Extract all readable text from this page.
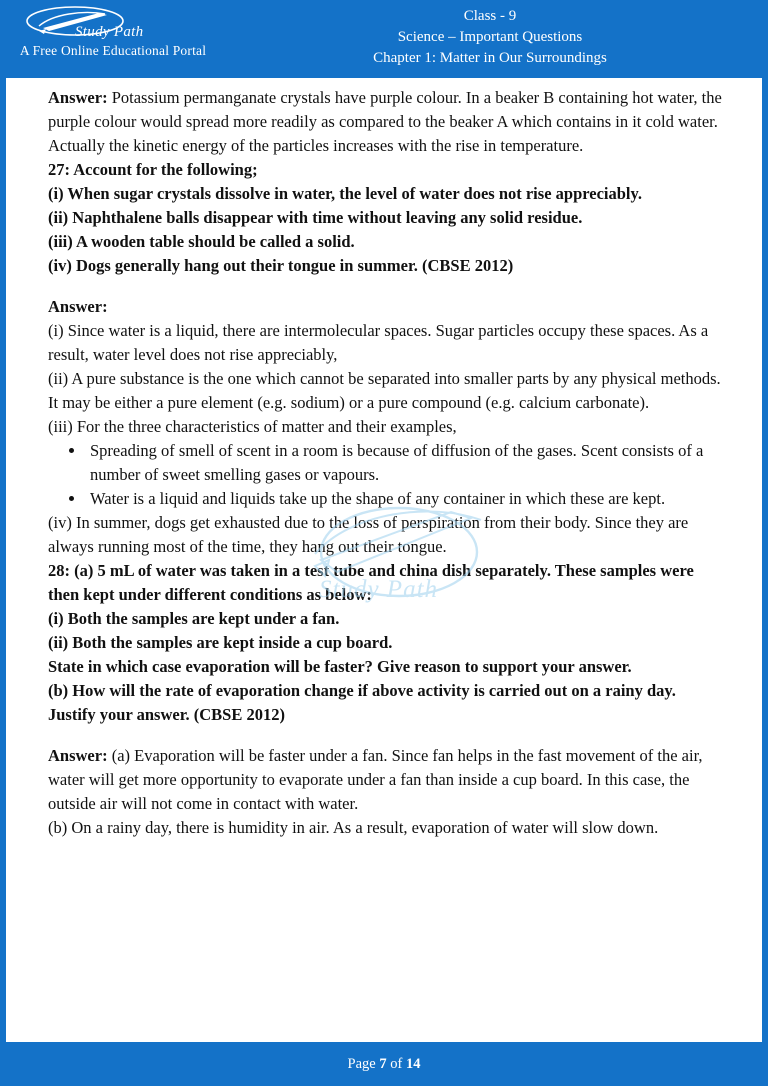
Study Path
A Free Online Educational Portal
Class - 9
Science – Important Questions
Chapter 1: Matter in Our Surroundings

Answer: Potassium permanganate crystals have purple colour. In a beaker B containing hot water, the purple colour would spread more readily as compared to the beaker A which contains in it cold water. Actually the kinetic energy of the particles increases with the rise in temperature.

27: Account for the following;

(i) When sugar crystals dissolve in water, the level of water does not rise appreciably.

(ii) Naphthalene balls disappear with time without leaving any solid residue.

(iii) A wooden table should be called a solid.

(iv) Dogs generally hang out their tongue in summer. (CBSE 2012)

Answer:

(i) Since water is a liquid, there are intermolecular spaces. Sugar particles occupy these spaces. As a result, water level does not rise appreciably,

(ii) A pure substance is the one which cannot be separated into smaller parts by any physical methods. It may be either a pure element (e.g. sodium) or a pure compound (e.g. calcium carbonate).

(iii) For the three characteristics of matter and their examples,

• Spreading of smell of scent in a room is because of diffusion of the gases. Scent consists of a number of sweet smelling gases or vapours.
• Water is a liquid and liquids take up the shape of any container in which these are kept.

(iv) In summer, dogs get exhausted due to the loss of perspiration from their body. Since they are always running most of the time, they hang out their tongue.

28: (a) 5 mL of water was taken in a test tube and china dish separately. These samples were then kept under different conditions as below:

(i) Both the samples are kept under a fan.

(ii) Both the samples are kept inside a cup board.

State in which case evaporation will be faster? Give reason to support your answer.

(b) How will the rate of evaporation change if above activity is carried out on a rainy day. Justify your answer. (CBSE 2012)

Answer: (a) Evaporation will be faster under a fan. Since fan helps in the fast movement of the air, water will get more opportunity to evaporate under a fan than inside a cup board. In this case, the outside air will not come in contact with water.

(b) On a rainy day, there is humidity in air. As a result, evaporation of water will slow down.

Study Path
Page 7 of 14
